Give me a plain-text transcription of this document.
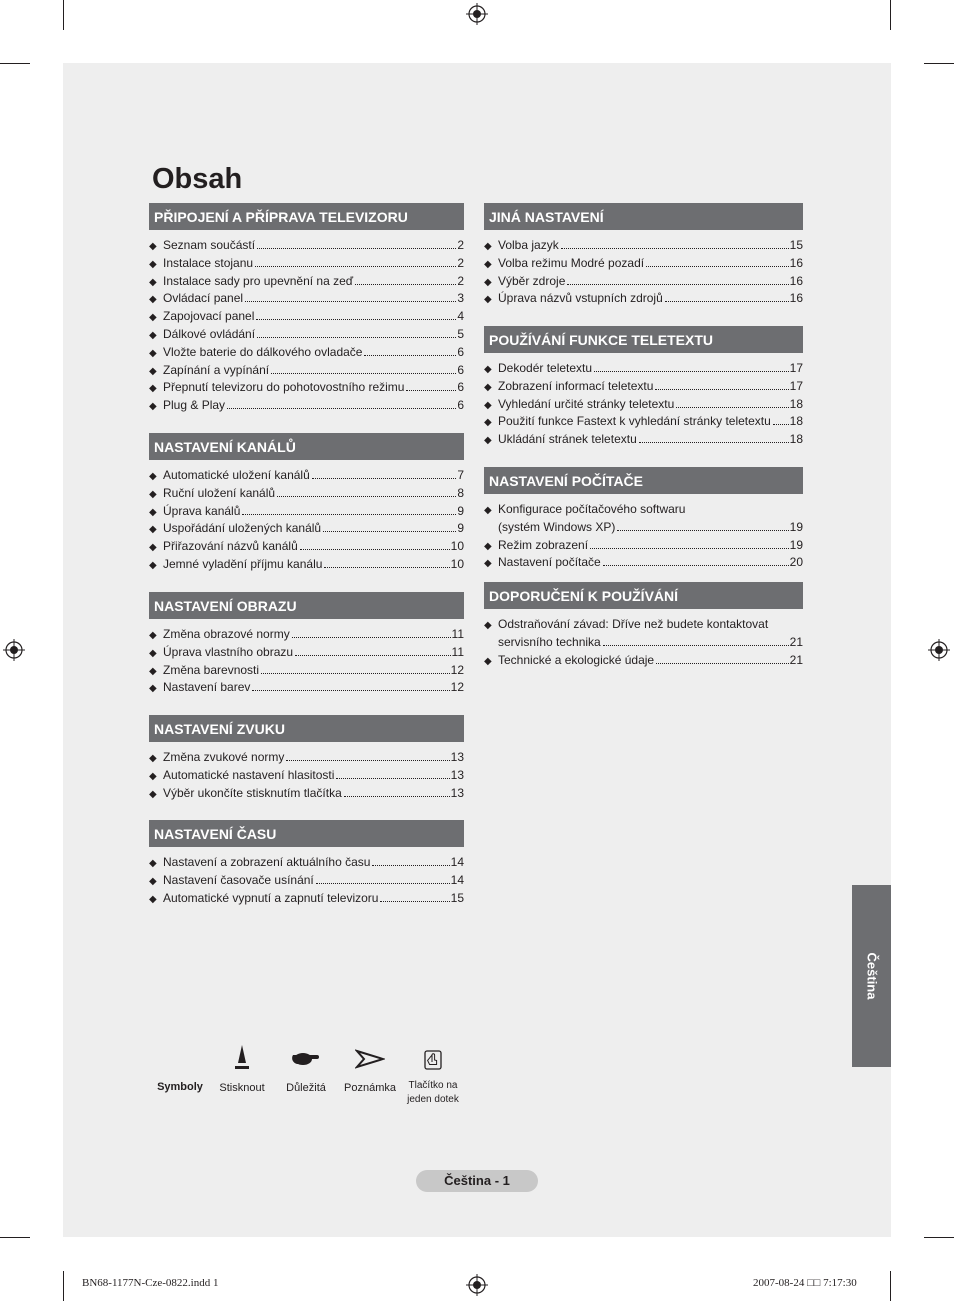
Obsah
PŘIPOJENÍ A PŘÍPRAVA TELEVIZORU
◆ Seznam součástí	2
◆ Instalace stojanu	2
◆ Instalace sady pro upevnění na zeď	2
◆ Ovládací panel	3
◆ Zapojovací panel	4
◆ Dálkové ovládání	5
◆ Vložte baterie do dálkového ovladače	6
◆ Zapínání a vypínání	6
◆ Přepnutí televizoru do pohotovostního režimu	6
◆ Plug & Play	6
NASTAVENÍ KANÁLŮ
◆ Automatické uložení kanálů	7
◆ Ruční uložení kanálů	8
◆ Úprava kanálů	9
◆ Uspořádání uložených kanálů	9
◆ Přiřazování názvů kanálů	10
◆ Jemné vyladění příjmu kanálu	10
NASTAVENÍ OBRAZU
◆ Změna obrazové normy	11
◆ Úprava vlastního obrazu	11
◆ Změna barevnosti	12
◆ Nastavení barev	12
NASTAVENÍ ZVUKU
◆ Změna zvukové normy	13
◆ Automatické nastavení hlasitosti	13
◆ Výběr ukončíte stisknutím tlačítka	13
NASTAVENÍ ČASU
◆ Nastavení a zobrazení aktuálního času	14
◆ Nastavení časovače usínání	14
◆ Automatické vypnutí a zapnutí televizoru	15
JINÁ NASTAVENÍ
◆ Volba jazyk	15
◆ Volba režimu Modré pozadí	16
◆ Výběr zdroje	16
◆ Úprava názvů vstupních zdrojů	16
POUŽÍVÁNÍ FUNKCE TELETEXTU
◆ Dekodér teletextu	17
◆ Zobrazení informací teletextu	17
◆ Vyhledání určité stránky teletextu	18
◆ Použití funkce Fastext k vyhledání stránky teletextu 18
◆ Ukládání stránek teletextu	18
NASTAVENÍ POČÍTAČE
◆ Konfigurace počítačového softwaru
(systém Windows XP)	19
◆ Režim zobrazení	19
◆ Nastavení počítače	20
DOPORUČENÍ K POUŽÍVÁNÍ
◆ Odstraňování závad: Dříve než budete kontaktovat
servisního technika	21
◆ Technické a ekologické údaje	21
Symboly	Stisknout	Důležitá	Poznámka	Tlačítko na
jeden dotek
Čeština
Čeština - 1
BN68-1177N-Cze-0822.indd 1	2007-08-24 □□ 7:17:30
